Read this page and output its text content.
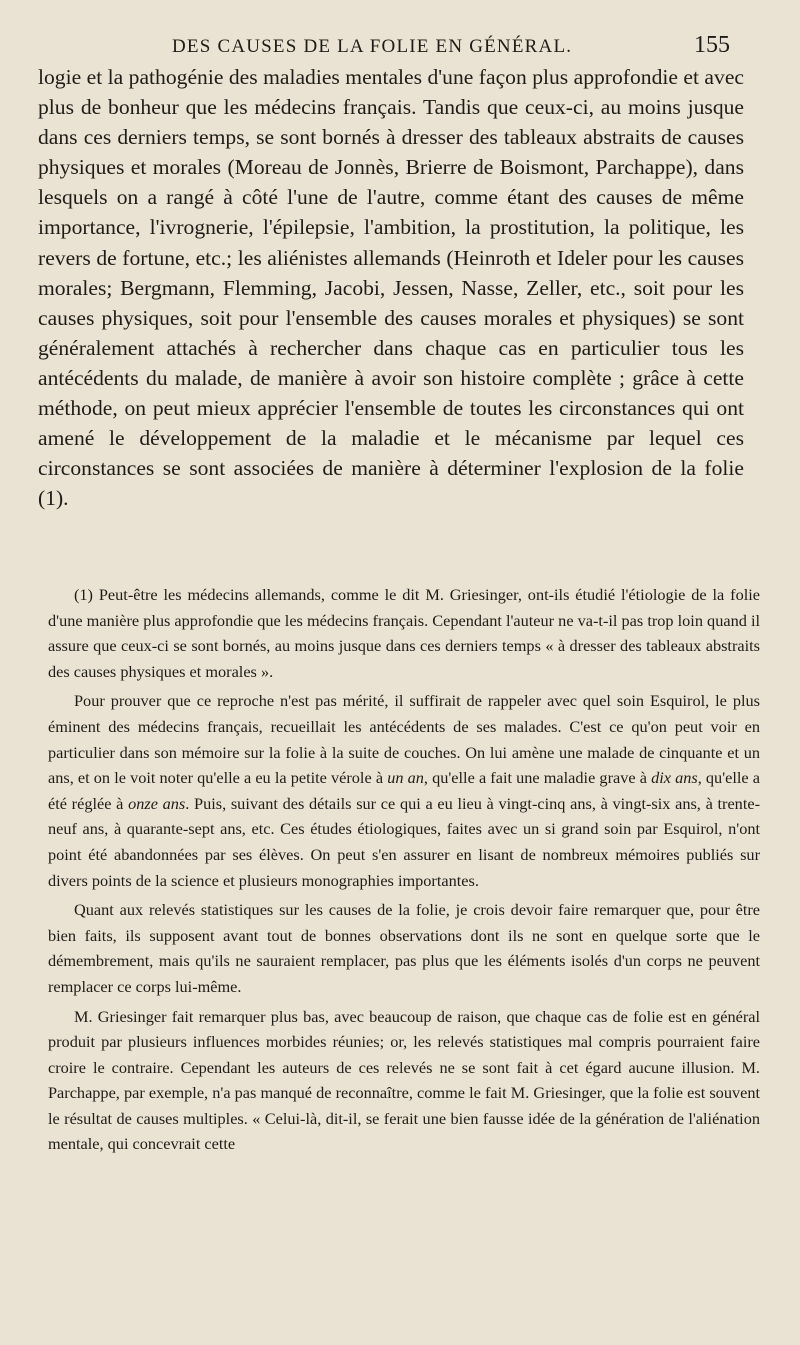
DES CAUSES DE LA FOLIE EN GÉNÉRAL.	155

logie et la pathogénie des maladies mentales d'une façon plus approfondie et avec plus de bonheur que les médecins français. Tandis que ceux-ci, au moins jusque dans ces derniers temps, se sont bornés à dresser des tableaux abstraits de causes physiques et morales (Moreau de Jonnès, Brierre de Boismont, Parchappe), dans lesquels on a rangé à côté l'une de l'autre, comme étant des causes de même importance, l'ivrognerie, l'épilepsie, l'ambition, la prostitution, la politique, les revers de fortune, etc.; les aliénistes allemands (Heinroth et Ideler pour les causes morales; Bergmann, Flemming, Jacobi, Jessen, Nasse, Zeller, etc., soit pour les causes physiques, soit pour l'ensemble des causes morales et physiques) se sont généralement attachés à rechercher dans chaque cas en particulier tous les antécédents du malade, de manière à avoir son histoire complète ; grâce à cette méthode, on peut mieux apprécier l'ensemble de toutes les circonstances qui ont amené le développement de la maladie et le mécanisme par lequel ces circonstances se sont associées de manière à déterminer l'explosion de la folie (1).

(1) Peut-être les médecins allemands, comme le dit M. Griesinger, ont-ils étudié l'étiologie de la folie d'une manière plus approfondie que les médecins français. Cependant l'auteur ne va-t-il pas trop loin quand il assure que ceux-ci se sont bornés, au moins jusque dans ces derniers temps « à dresser des tableaux abstraits des causes physiques et morales ».

Pour prouver que ce reproche n'est pas mérité, il suffirait de rappeler avec quel soin Esquirol, le plus éminent des médecins français, recueillait les antécédents de ses malades. C'est ce qu'on peut voir en particulier dans son mémoire sur la folie à la suite de couches. On lui amène une malade de cinquante et un ans, et on le voit noter qu'elle a eu la petite vérole à un an, qu'elle a fait une maladie grave à dix ans, qu'elle a été réglée à onze ans. Puis, suivant des détails sur ce qui a eu lieu à vingt-cinq ans, à vingt-six ans, à trente-neuf ans, à quarante-sept ans, etc. Ces études étiologiques, faites avec un si grand soin par Esquirol, n'ont point été abandonnées par ses élèves. On peut s'en assurer en lisant de nombreux mémoires publiés sur divers points de la science et plusieurs monographies importantes.

Quant aux relevés statistiques sur les causes de la folie, je crois devoir faire remarquer que, pour être bien faits, ils supposent avant tout de bonnes observations dont ils ne sont en quelque sorte que le démembrement, mais qu'ils ne sauraient remplacer, pas plus que les éléments isolés d'un corps ne peuvent remplacer ce corps lui-même.

M. Griesinger fait remarquer plus bas, avec beaucoup de raison, que chaque cas de folie est en général produit par plusieurs influences morbides réunies; or, les relevés statistiques mal compris pourraient faire croire le contraire. Cependant les auteurs de ces relevés ne se sont fait à cet égard aucune illusion. M. Parchappe, par exemple, n'a pas manqué de reconnaître, comme le fait M. Griesinger, que la folie est souvent le résultat de causes multiples. « Celui-là, dit-il, se ferait une bien fausse idée de la génération de l'aliénation mentale, qui concevrait cette
